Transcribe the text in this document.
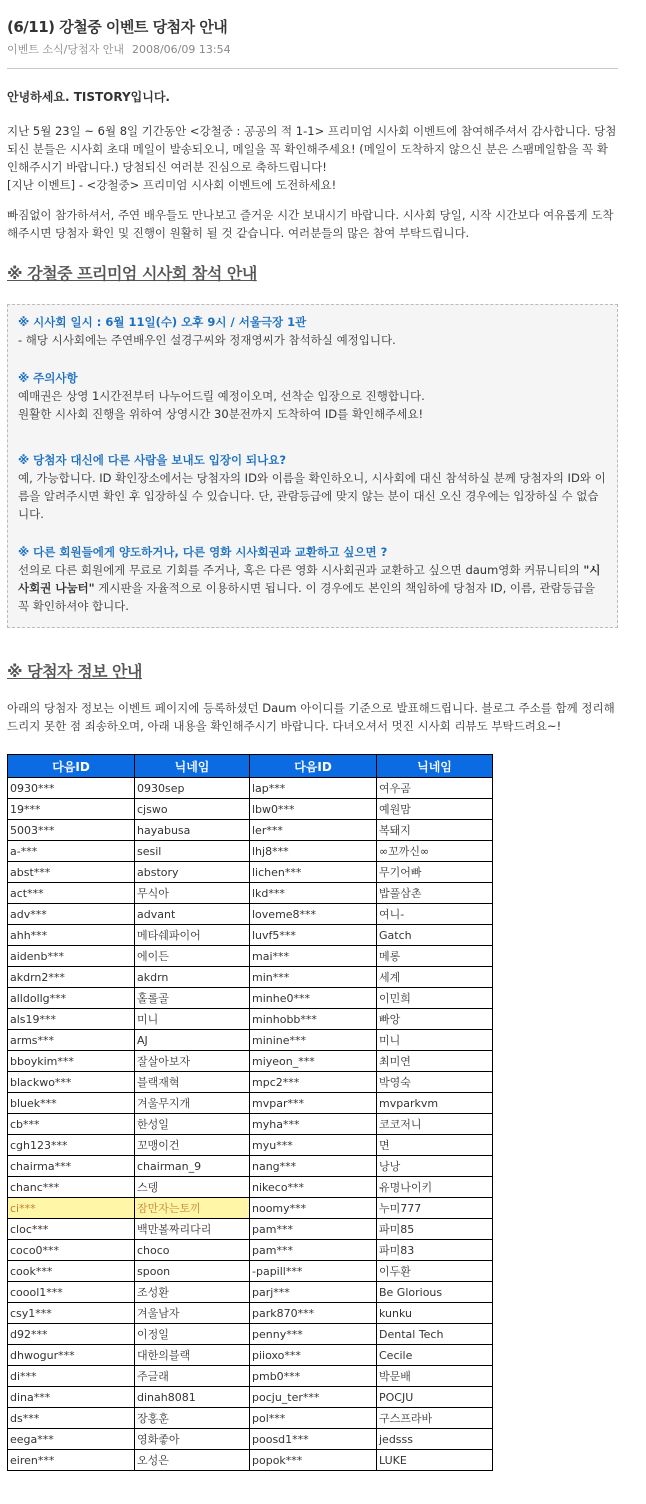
(6/11) 강철중 이벤트 당첨자 안내
이벤트 소식/당첨자 안내 2008/06/09 13:54
안녕하세요. TISTORY입니다.

지난 5월 23일 ~ 6월 8일 기간동안 <강철중 : 공공의 적 1-1> 프리미엄 시사회 이벤트에 참여해주셔서 감사합니다. 당첨되신 분들은 시사회 초대 메일이 발송되오니, 메일을 꼭 확인해주세요! (메일이 도착하지 않으신 분은 스팸메일함을 꼭 확인해주시기 바랍니다.) 당첨되신 여러분 진심으로 축하드립니다!
[지난 이벤트] - <강철중> 프리미엄 시사회 이벤트에 도전하세요!

빠짐없이 참가하셔서, 주연 배우들도 만나보고 즐거운 시간 보내시기 바랍니다. 시사회 당일, 시작 시간보다 여유롭게 도착해주시면 당첨자 확인 및 진행이 원활히 될 것 같습니다. 여러분들의 많은 참여 부탁드립니다.

※ 강철중 프리미엄 시사회 참석 안내
※ 시사회 일시 : 6월 11일(수) 오후 9시 / 서울극장 1관

- 해당 시사회에는 주연배우인 설경구씨와 정재영씨가 참석하실 예정입니다.

※ 주의사항

예매권은 상영 1시간전부터 나누어드릴 예정이오며, 선착순 입장으로 진행합니다.

원활한 시사회 진행을 위하여 상영시간 30분전까지 도착하여 ID를 확인해주세요!

※ 당첨자 대신에 다른 사람을 보내도 입장이 되나요?

예, 가능합니다. ID 확인장소에서는 당첨자의 ID와 이름을 확인하오니, 시사회에 대신 참석하실 분께 당첨자의 ID와 이름을 알려주시면 확인 후 입장하실 수 있습니다. 단, 관람등급에 맞지 않는 분이 대신 오신 경우에는 입장하실 수 없습니다.

※ 다른 회원들에게 양도하거나, 다른 영화 시사회권과 교환하고 싶으면 ?

선의로 다른 회원에게 무료로 기회를 주거나, 혹은 다른 영화 시사회권과 교환하고 싶으면 daum영화 커뮤니티의 "시사회권 나눔터" 게시판을 자율적으로 이용하시면 됩니다. 이 경우에도 본인의 책임하에 당첨자 ID, 이름, 관람등급을 꼭 확인하셔야 합니다.

※ 당첨자 정보 안내

아래의 당첨자 정보는 이벤트 페이지에 등록하셨던 Daum 아이디를 기준으로 발표해드립니다. 블로그 주소를 함께 정리해드리지 못한 점 죄송하오며, 아래 내용을 확인해주시기 바랍니다. 다녀오셔서 멋진 시사회 리뷰도 부탁드려요~!

다음ID	닉네임	다음ID	닉네임
0930***	0930sep	lap***	여우곰
19***	cjswo	lbw0***	예원맘
5003***	hayabusa	ler***	복돼지
a-***	sesil	lhj8***	∞꼬까신∞
abst***	abstory	lichen***	무기어빠
act***	무식아	lkd***	밥풀삼촌
adv***	advant	loveme8***	여니-
ahh***	메타쉐파이어	luvf5***	Gatch
aidenb***	에이든	mai***	메롱
akdrn2***	akdrn	min***	세계
alldollg***	홀롤골	minhe0***	이민희
als19***	미니	minhobb***	빠앙
arms***	AJ	minine***	미니
bboykim***	잘살아보자	miyeon_***	최미연
blackwo***	블랙재혁	mpc2***	박영숙
bluek***	겨울무지개	mvpar***	mvparkvm
cb***	한성일	myha***	코코저니
cgh123***	꼬맹이건	myu***	면
chairma***	chairman_9	nang***	낭낭
chanc***	스뎅	nikeco***	유명나이키
ci***	잠만자는토끼	noomy***	누미777
cloc***	백만볼짜리다리	pam***	파미85
coco0***	choco	pam***	파미83
cook***	spoon	-papill***	이두환
coool1***	조성환	parj***	Be Glorious
csy1***	겨울남자	park870***	kunku
d92***	이정일	penny***	Dental Tech
dhwogur***	대한의블랙	piioxo***	Cecile
di***	주글래	pmb0***	박문배
dina***	dinah8081	pocju_ter***	POCJU
ds***	장홍훈	pol***	구스프라바
eega***	영화좋아	poosd1***	jedsss
eiren***	오성은	popok***	LUKE
